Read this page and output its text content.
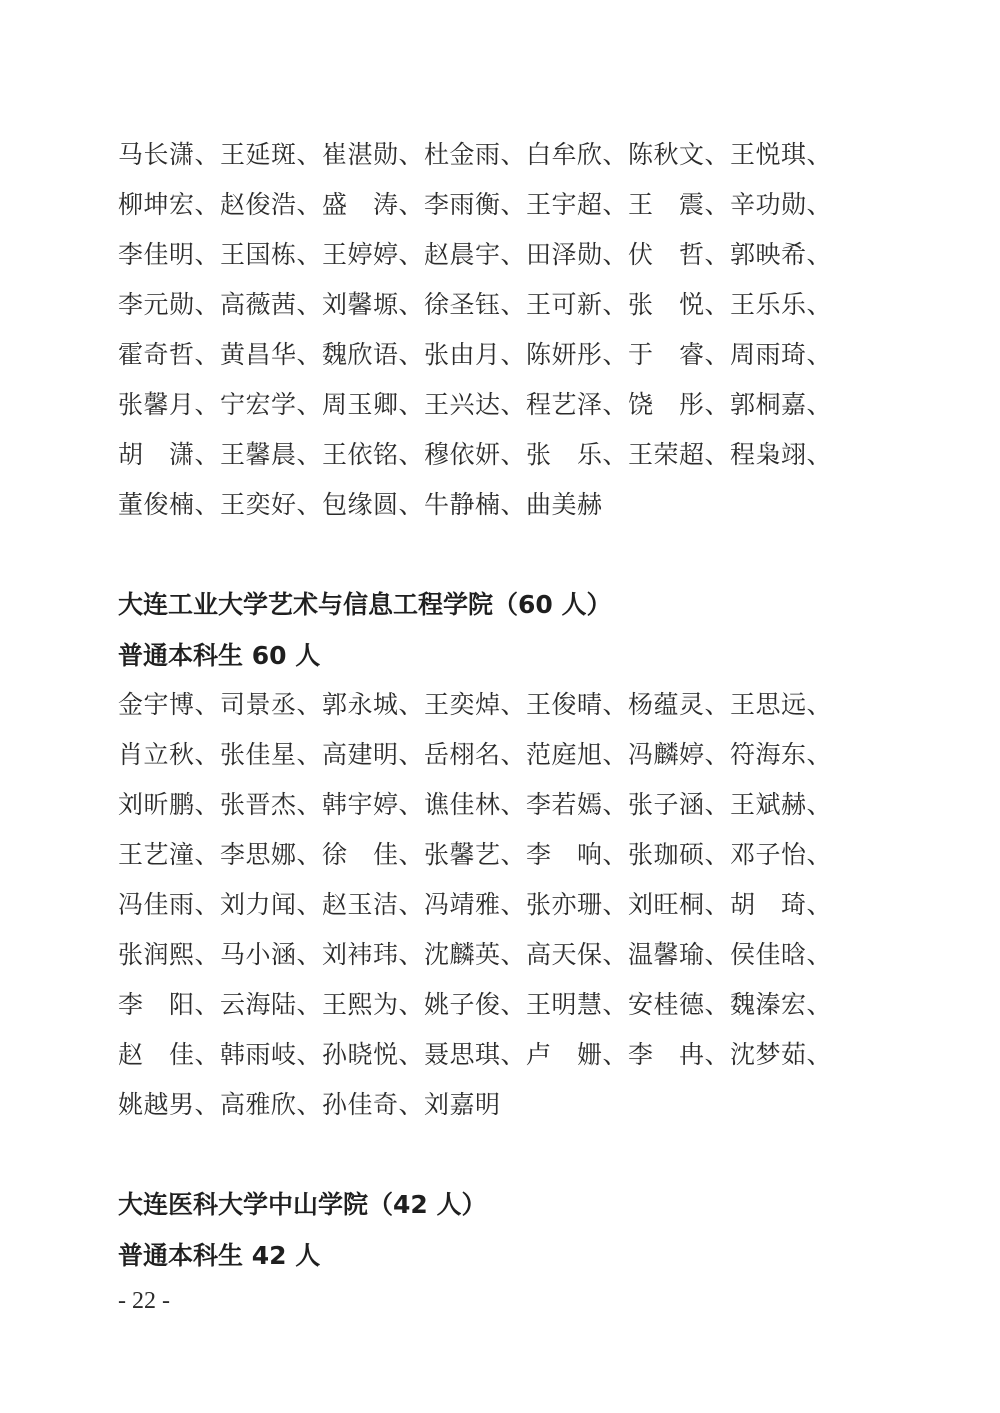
马长潇、王延斑、崔湛勋、杜金雨、白牟欣、陈秋文、王悦琪、
柳坤宏、赵俊浩、盛　涛、李雨衡、王宇超、王　震、辛功勋、
李佳明、王国栋、王婷婷、赵晨宇、田泽勋、伏　哲、郭映希、
李元勋、高薇茜、刘馨塬、徐圣钰、王可新、张　悦、王乐乐、
霍奇哲、黄昌华、魏欣语、张由月、陈妍彤、于　睿、周雨琦、
张馨月、宁宏学、周玉卿、王兴达、程艺泽、饶　彤、郭桐嘉、
胡　潇、王馨晨、王依铭、穆依妍、张　乐、王荣超、程枭翊、
董俊楠、王奕好、包缘圆、牛静楠、曲美赫
大连工业大学艺术与信息工程学院（60 人）
普通本科生 60 人
金宇博、司景丞、郭永城、王奕焯、王俊晴、杨蕴灵、王思远、
肖立秋、张佳星、高建明、岳栩名、范庭旭、冯麟婷、符海东、
刘昕鹏、张晋杰、韩宇婷、谯佳林、李若嫣、张子涵、王斌赫、
王艺潼、李思娜、徐　佳、张馨艺、李　响、张珈硕、邓子怡、
冯佳雨、刘力闻、赵玉洁、冯靖雅、张亦珊、刘旺桐、胡　琦、
张润熙、马小涵、刘袆玮、沈麟英、高天保、温馨瑜、侯佳晗、
李　阳、云海陆、王熙为、姚子俊、王明慧、安桂德、魏溱宏、
赵　佳、韩雨岐、孙晓悦、聂思琪、卢　姗、李　冉、沈梦茹、
姚越男、高雅欣、孙佳奇、刘嘉明
大连医科大学中山学院（42 人）
普通本科生 42 人
- 22 -
